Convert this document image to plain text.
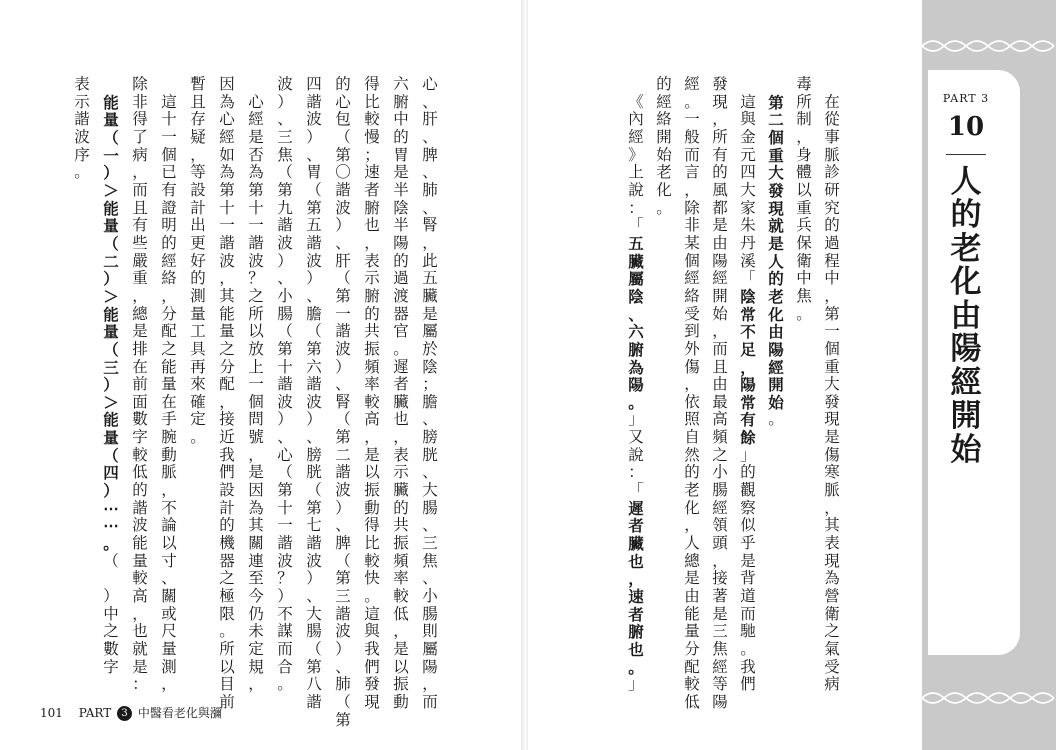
心
、
肝
、
脾
、
肺
、
腎
，
此
五
臟
是
屬
於
陰
；
膽
、
膀
胱
、
大
腸
、
三
焦
、
小
腸
則
屬
陽
，
而
六
腑
中
的
胃
是
半
陰
半
陽
的
過
渡
器
官
。
遲
者
臟
也
，
表
示
臟
的
共
振
頻
率
較
低
，
是
以
振
動
得
比
較
慢
；
速
者
腑
也
，
表
示
腑
的
共
振
頻
率
較
高
，
是
以
振
動
得
比
較
快
。
這
與
我
們
發
現
的
心
包
（
第
〇
諧
波
）
、
肝
（
第
一
諧
波
）
、
腎
（
第
二
諧
波
）
、
脾
（
第
三
諧
波
）
、
肺
（
第
四
諧
波
）
、
胃
（
第
五
諧
波
）
、
膽
（
第
六
諧
波
）
、
膀
胱
（
第
七
諧
波
）
、
大
腸
（
第
八
諧
波
）
、
三
焦
（
第
九
諧
波
）
、
小
腸
（
第
十
諧
波
）
、
心
（
第
十
一
諧
波
？
）
不
謀
而
合
。

心
經
是
否
為
第
十
一
諧
波
？
之
所
以
放
上
一
個
問
號
，
是
因
為
其
關
連
至
今
仍
未
定
規
，
因
為
心
經
如
為
第
十
一
諧
波
，
其
能
量
之
分
配
，
接
近
我
們
設
計
的
機
器
之
極
限
。
所
以
目
前
暫
且
存
疑
，
等
設
計
出
更
好
的
測
量
工
具
再
來
確
定
。

這
十
一
個
已
有
證
明
的
經
絡
，
分
配
之
能
量
在
手
腕
動
脈
，
不
論
以
寸
、
關
或
尺
量
測
，
除
非
得
了
病
，
而
且
有
些
嚴
重
，
總
是
排
在
前
面
數
字
較
低
的
諧
波
能
量
較
高
，
也
就
是
：

能
量
（
一
）
＞
能
量
（
二
）
＞
能
量
（
三
）
＞
能
量
（
四
）
⋯
⋯
。
（

）
中
之
數
字
表
示
諧
波
序
。
101 PART 3 中醫看老化與瀰

在
從
事
脈
診
研
究
的
過
程
中
，
第
一
個
重
大
發
現
是
傷
寒
脈
，
其
表
現
為
營
衛
之
氣
受
病
毒
所
制
，
身
體
以
重
兵
保
衛
中
焦
。

第
二
個
重
大
發
現
就
是
人
的
老
化
由
陽
經
開
始
。

這
與
金
元
四
大
家
朱
丹
溪
「
陰
常
不
足
，
陽
常
有
餘
」
的
觀
察
似
乎
是
背
道
而
馳
。
我
們
發
現
，
所
有
的
風
都
是
由
陽
經
開
始
，
而
且
由
最
高
頻
之
小
腸
經
領
頭
，
接
著
是
三
焦
經
等
陽
經
。
一
般
而
言
，
除
非
某
個
經
絡
受
到
外
傷
，
依
照
自
然
的
老
化
，
人
總
是
由
能
量
分
配
較
低
的
經
絡
開
始
老
化
。

《
內
經
》
上
說
：
「
五
臟
屬
陰
、
六
腑
為
陽
。
」
又
說
：
「
遲
者
臟
也
，
速
者
腑
也
。
」
PART 3
10
人
的
老
化
由
陽
經
開
始
